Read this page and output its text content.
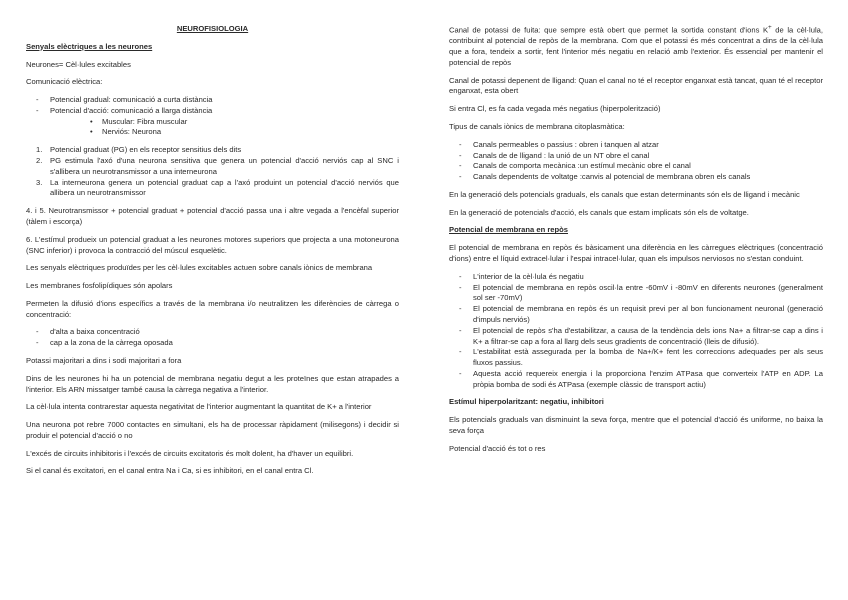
NEUROFISIOLOGIA
Senyals elèctriques a les neurones

Neurones= Cèl·lules excitables

Comunicació elèctrica:

- Potencial gradual: comunicació a curta distància
- Potencial d'acció: comunicació a llarga distància
• Muscular: Fibra muscular
• Nerviós: Neurona
1. Potencial graduat (PG) en els receptor sensitius dels dits
2. PG estimula l'axó d'una neurona sensitiva que genera un potencial d'acció nerviós cap al SNC i s'allibera un neurotransmissor a una interneurona
3. La interneurona genera un potencial graduat cap a l'axó produint un potencial d'acció nerviós que allibera un neurotransmissor

4. i 5. Neurotransmissor + potencial graduat + potencial d'acció passa una i altre vegada a l'encèfal superior (tàlem i escorça)

6. L'estímul produeix un potencial graduat a les neurones motores superiors que projecta a una motoneurona (SNC inferior) i provoca la contracció del múscul esquelètic.

Les senyals elèctriques produïdes per les cèl·lules excitables actuen sobre canals iònics de membrana

Les membranes fosfolipídiques són apolars

Permeten la difusió d'ions específics a través de la membrana i/o neutralitzen les diferències de càrrega o concentració:

- d'alta a baixa concentració
- cap a la zona de la càrrega oposada

Potassi majoritari a dins i sodi majoritari a fora

Dins de les neurones hi ha un potencial de membrana negatiu degut a les proteïnes que estan atrapades a l'interior. Els ARN missatger també causa la càrrega negativa a l'interior.

La cèl·lula intenta contrarestar aquesta negativitat de l'interior augmentant la quantitat de K+ a l'interior

Una neurona pot rebre 7000 contactes en simultani, els ha de processar ràpidament (milisegons) i decidir si produir el potencial d'acció o no

L'excés de circuits inhibitoris i l'excés de circuits excitatoris és molt dolent, ha d'haver un equilibri.

Si el canal és excitatori, en el canal entra Na i Ca, si es inhibitori, en el canal entra Cl.

Canal de potassi de fuita: que sempre està obert que permet la sortida constant d'ions K+ de la cèl·lula, contribuint al potencial de repòs de la membrana. Com que el potassi és més concentrat a dins de la cèl·lula que a fora, tendeix a sortir, fent l'interior més negatiu en relació amb l'exterior. És essencial per mantenir el potencial de repòs

Canal de potassi depenent de lligand: Quan el canal no té el receptor enganxat està tancat, quan té el receptor enganxat, esta obert

Si entra Cl, es fa cada vegada més negatius (hiperpolerització)

Tipus de canals iònics de membrana citoplasmàtica:

- Canals permeables o passius : obren i tanquen al atzar
- Canals de de lligand : la unió de un NT obre el canal
- Canals de comporta mecànica :un estímul mecànic obre el canal
- Canals dependents de voltatge :canvis al potencial de membrana obren els canals

En la generació dels potencials graduals, els canals que estan determinants són els de lligand i mecànic

En la generació de potencials d'acció, els canals que estam implicats són els de voltatge.

Potencial de membrana en repòs

El potencial de membrana en repòs és bàsicament una diferència en les càrregues elèctriques (concentració d'ions) entre el líquid extracel·lular i l'espai intracel·lular, quan els impulsos nerviosos no s'estan conduint.

- L'interior de la cèl·lula és negatiu
- El potencial de membrana en repòs oscil·la entre -60mV i -80mV en diferents neurones (generalment sol ser -70mV)
- El potencial de membrana en repòs és un requisit previ per al bon funcionament neuronal (generació d'impuls nerviós)
- El potencial de repòs s'ha d'estabilitzar, a causa de la tendència dels ions Na+ a filtrar-se cap a dins i K+ a filtrar-se cap a fora al llarg dels seus gradients de concentració (lleis de difusió).
- L'estabilitat està assegurada per la bomba de Na+/K+ fent les correccions adequades per als seus fluxos passius.
- Aquesta acció requereix energia i la proporciona l'enzim ATPasa que converteix l'ATP en ADP. La pròpia bomba de sodi és ATPasa (exemple clàssic de transport actiu)

Estímul hiperpolaritzant: negatiu, inhibitori

Els potencials graduals van disminuint la seva força, mentre que el potencial d'acció és uniforme, no baixa la seva força

Potencial d'acció és tot o res
